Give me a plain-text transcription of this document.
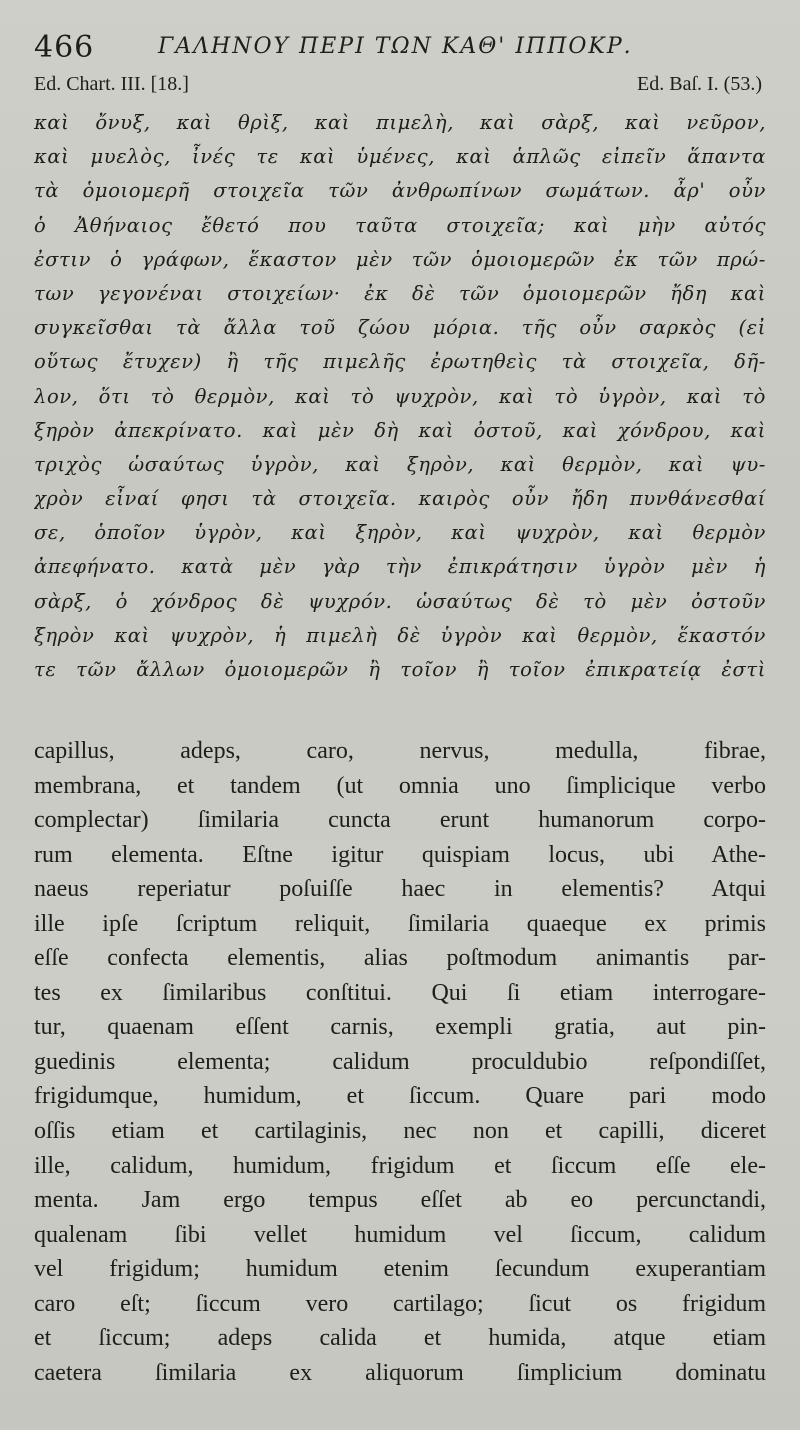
466	ΓΑΛΗΝΟΥ ΠΕΡΙ ΤΩΝ ΚΑΘ' ΙΠΠΟΚΡ.
Ed. Chart. III. [18.]	Ed. Baſ. I. (53.)
καὶ ὄνυξ, καὶ θρὶξ, καὶ πιμελὴ, καὶ σὰρξ, καὶ νεῦρον,
καὶ μυελὸς, ἶνές τε καὶ ὑμένες, καὶ ἁπλῶς εἰπεῖν ἅπαντα
τὰ ὁμοιομερῆ στοιχεῖα τῶν ἀνθρωπίνων σωμάτων. ἆρ' οὖν
ὁ Ἀθήναιος ἔθετό που ταῦτα στοιχεῖα; καὶ μὴν αὐτός
ἐστιν ὁ γράφων, ἕκαστον μὲν τῶν ὁμοιομερῶν ἐκ τῶν πρώ-
των γεγονέναι στοιχείων· ἐκ δὲ τῶν ὁμοιομερῶν ἤδη καὶ
συγκεῖσθαι τὰ ἄλλα τοῦ ζώου μόρια. τῆς οὖν σαρκὸς (εἰ
οὕτως ἔτυχεν) ἢ τῆς πιμελῆς ἐρωτηθεὶς τὰ στοιχεῖα, δῆ-
λον, ὅτι τὸ θερμὸν, καὶ τὸ ψυχρὸν, καὶ τὸ ὑγρὸν, καὶ τὸ
ξηρὸν ἀπεκρίνατο. καὶ μὲν δὴ καὶ ὀστοῦ, καὶ χόνδρου, καὶ
τριχὸς ὡσαύτως ὑγρὸν, καὶ ξηρὸν, καὶ θερμὸν, καὶ ψυ-
χρὸν εἶναί φησι τὰ στοιχεῖα. καιρὸς οὖν ἤδη πυνθάνεσθαί
σε, ὁποῖον ὑγρὸν, καὶ ξηρὸν, καὶ ψυχρὸν, καὶ θερμὸν
ἀπεφήνατο. κατὰ μὲν γὰρ τὴν ἐπικράτησιν ὑγρὸν μὲν ἡ
σὰρξ, ὁ χόνδρος δὲ ψυχρόν. ὡσαύτως δὲ τὸ μὲν ὀστοῦν
ξηρὸν καὶ ψυχρὸν, ἡ πιμελὴ δὲ ὑγρὸν καὶ θερμὸν, ἕκαστόν
τε τῶν ἄλλων ὁμοιομερῶν ἢ τοῖον ἢ τοῖον ἐπικρατείᾳ ἐστὶ
capillus, adeps, caro, nervus, medulla, fibrae,
membrana, et tandem (ut omnia uno ſimplicique verbo
complectar) ſimilaria cuncta erunt humanorum corpo-
rum elementa. Eſtne igitur quispiam locus, ubi Athe-
naeus reperiatur poſuiſſe haec in elementis? Atqui
ille ipſe ſcriptum reliquit, ſimilaria quaeque ex primis
eſſe confecta elementis, alias poſtmodum animantis par-
tes ex ſimilaribus conſtitui. Qui ſi etiam interrogare-
tur, quaenam eſſent carnis, exempli gratia, aut pin-
guedinis elementa; calidum proculdubio reſpondiſſet,
frigidumque, humidum, et ſiccum. Quare pari modo
oſſis etiam et cartilaginis, nec non et capilli, diceret
ille, calidum, humidum, frigidum et ſiccum eſſe ele-
menta. Jam ergo tempus eſſet ab eo percunctandi,
qualenam ſibi vellet humidum vel ſiccum, calidum
vel frigidum; humidum etenim ſecundum exuperantiam
caro eſt; ſiccum vero cartilago; ſicut os frigidum
et ſiccum; adeps calida et humida, atque etiam
caetera ſimilaria ex aliquorum ſimplicium dominatu
